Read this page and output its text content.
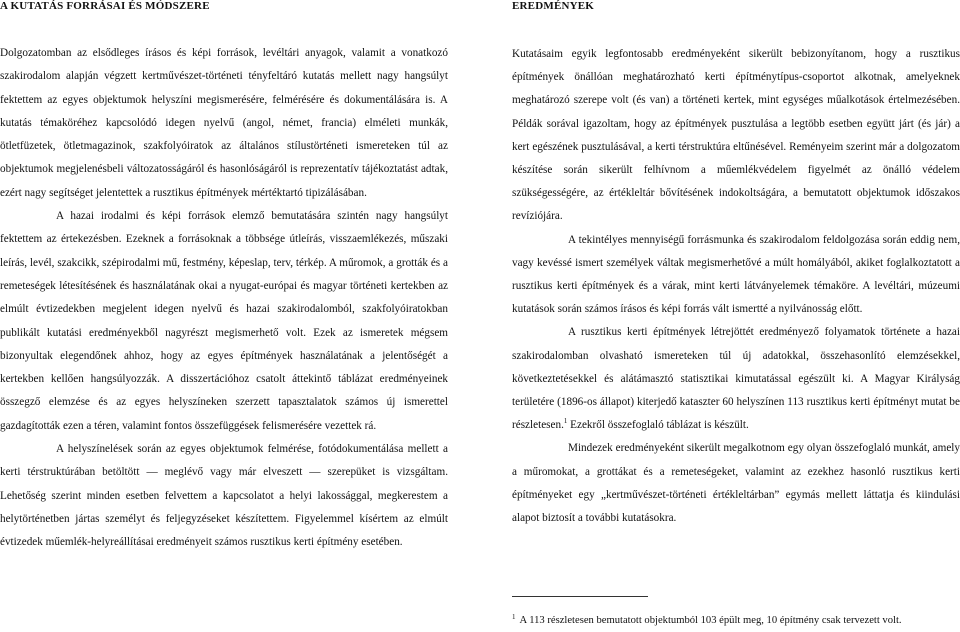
A KUTATÁS FORRÁSAI ÉS MÓDSZERE

Dolgozatomban az elsődleges írásos és képi források, levéltári anyagok, valamit a vonatkozó szakirodalom alapján végzett kertművészet-történeti tényfeltáró kutatás mellett nagy hangsúlyt fektettem az egyes objektumok helyszíni megismerésére, felmérésére és dokumentálására is. A kutatás témaköréhez kapcsolódó idegen nyelvű (angol, német, francia) elméleti munkák, ötletfüzetek, ötletmagazinok, szakfolyóiratok az általános stílustörténeti ismereteken túl az objektumok megjelenésbeli változatosságáról és hasonlóságáról is reprezentatív tájékoztatást adtak, ezért nagy segítséget jelentettek a rusztikus építmények mértéktartó tipizálásában.

A hazai irodalmi és képi források elemző bemutatására szintén nagy hangsúlyt fektettem az értekezésben. Ezeknek a forrásoknak a többsége útleírás, visszaemlékezés, műszaki leírás, levél, szakcikk, szépirodalmi mű, festmény, képeslap, terv, térkép. A műromok, a grották és a remeteségek létesítésének és használatának okai a nyugat-európai és magyar történeti kertekben az elmúlt évtizedekben megjelent idegen nyelvű és hazai szakirodalomból, szakfolyóiratokban publikált kutatási eredményekből nagyrészt megismerhető volt. Ezek az ismeretek mégsem bizonyultak elegendőnek ahhoz, hogy az egyes építmények használatának a jelentőségét a kertekben kellően hangsúlyozzák. A disszertációhoz csatolt áttekintő táblázat eredményeinek összegző elemzése és az egyes helyszíneken szerzett tapasztalatok számos új ismerettel gazdagították ezen a téren, valamint fontos összefüggések felismerésére vezettek rá.

A helyszínelések során az egyes objektumok felmérése, fotódokumentálása mellett a kerti térstruktúrában betöltött ― meglévő vagy már elveszett ― szerepüket is vizsgáltam. Lehetőség szerint minden esetben felvettem a kapcsolatot a helyi lakossággal, megkerestem a helytörténetben jártas személyt és feljegyzéseket készítettem. Figyelemmel kísértem az elmúlt évtizedek műemlék-helyreállításai eredményeit számos rusztikus kerti építmény esetében.

EREDMÉNYEK

Kutatásaim egyik legfontosabb eredményeként sikerült bebizonyítanom, hogy a rusztikus építmények önállóan meghatározható kerti építménytípus-csoportot alkotnak, amelyeknek meghatározó szerepe volt (és van) a történeti kertek, mint egységes műalkotások értelmezésében. Példák sorával igazoltam, hogy az építmények pusztulása a legtöbb esetben együtt járt (és jár) a kert egészének pusztulásával, a kerti térstruktúra eltűnésével. Reményeim szerint már a dolgozatom készítése során sikerült felhívnom a műemlékvédelem figyelmét az önálló védelem szükségességére, az értékleltár bővítésének indokoltságára, a bemutatott objektumok időszakos revíziójára.

A tekintélyes mennyiségű forrásmunka és szakirodalom feldolgozása során eddig nem, vagy kevéssé ismert személyek váltak megismerhetővé a múlt homályából, akiket foglalkoztatott a rusztikus kerti építmények és a várak, mint kerti látványelemek témaköre. A levéltári, múzeumi kutatások során számos írásos és képi forrás vált ismertté a nyilvánosság előtt.

A rusztikus kerti építmények létrejöttét eredményező folyamatok története a hazai szakirodalomban olvasható ismereteken túl új adatokkal, összehasonlító elemzésekkel, következtetésekkel és alátámasztó statisztikai kimutatással egészült ki. A Magyar Királyság területére (1896-os állapot) kiterjedő kataszter 60 helyszínen 113 rusztikus kerti építményt mutat be részletesen.$^1$ Ezekről összefoglaló táblázat is készült.

Mindezek eredményeként sikerült megalkotnom egy olyan összefoglaló munkát, amely a műromokat, a grottákat és a remeteségeket, valamint az ezekhez hasonló rusztikus kerti építményeket egy „kertművészet-történeti értékleltárban” egymás mellett láttatja és kiindulási alapot biztosít a további kutatásokra.

$^1$ A 113 részletesen bemutatott objektumból 103 épült meg, 10 építmény csak tervezett volt.
